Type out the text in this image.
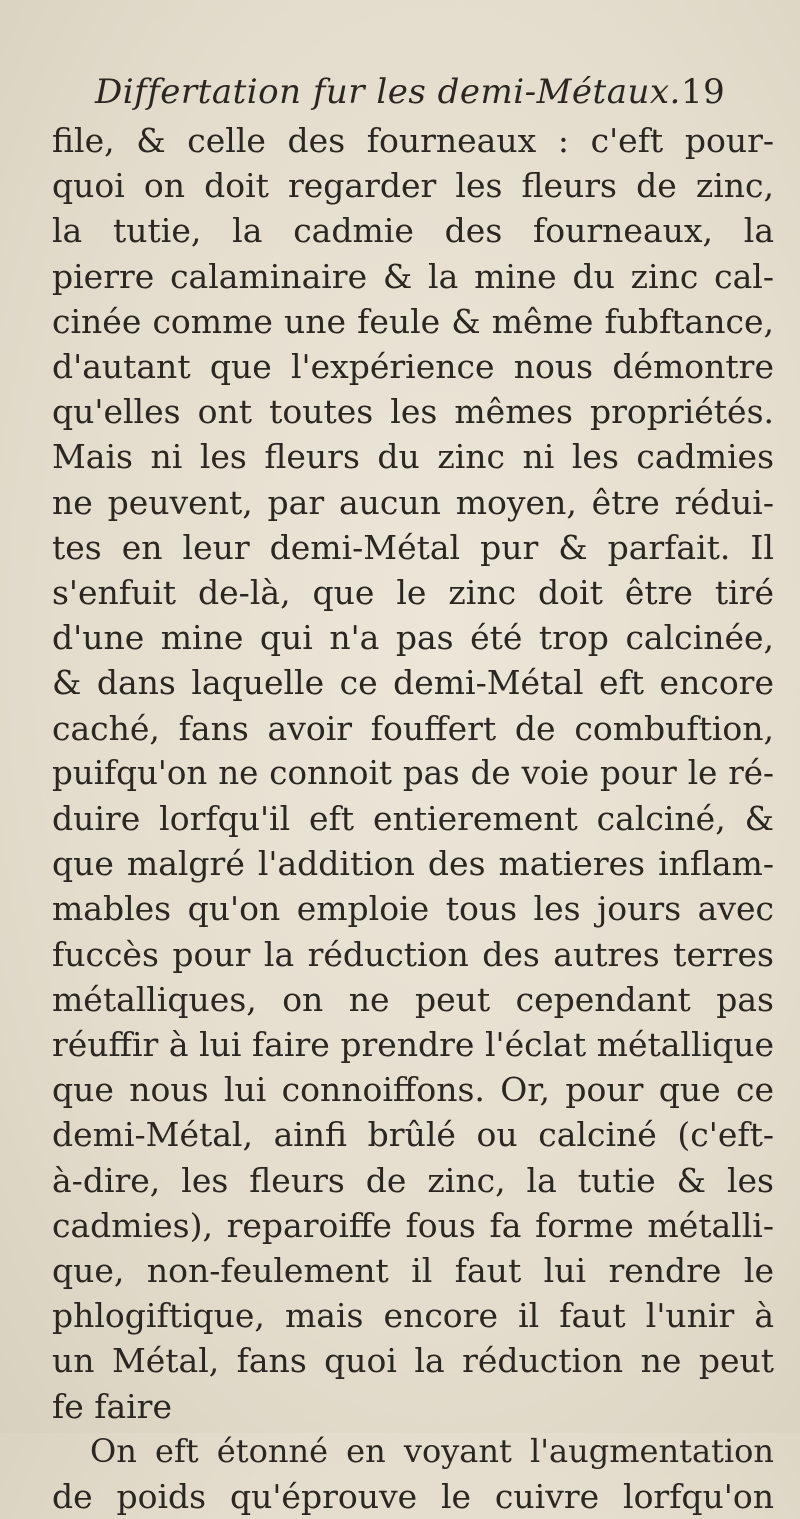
Differtation fur les demi-Métaux. 19
file, & celle des fourneaux : c'eft pour-
quoi on doit regarder les fleurs de zinc,
la tutie, la cadmie des fourneaux, la
pierre calaminaire & la mine du zinc cal-
cinée comme une feule & même fubftance,
d'autant que l'expérience nous démontre
qu'elles ont toutes les mêmes propriétés.
Mais ni les fleurs du zinc ni les cadmies
ne peuvent, par aucun moyen, être rédui-
tes en leur demi-Métal pur & parfait. Il
s'enfuit de-là, que le zinc doit être tiré
d'une mine qui n'a pas été trop calcinée,
& dans laquelle ce demi-Métal eft encore
caché, fans avoir fouffert de combuftion,
puifqu'on ne connoit pas de voie pour le ré-
duire lorfqu'il eft entierement calciné, &
que malgré l'addition des matieres inflam-
mables qu'on emploie tous les jours avec
fuccès pour la réduction des autres terres
métalliques, on ne peut cependant pas
réuffir à lui faire prendre l'éclat métallique
que nous lui connoiffons. Or, pour que ce
demi-Métal, ainfi brûlé ou calciné (c'eft-
à-dire, les fleurs de zinc, la tutie & les
cadmies), reparoiffe fous fa forme métalli-
que, non-feulement il faut lui rendre le
phlogiftique, mais encore il faut l'unir à
un Métal, fans quoi la réduction ne peut
fe faire
On eft étonné en voyant l'augmentation
de poids qu'éprouve le cuivre lorfqu'on
